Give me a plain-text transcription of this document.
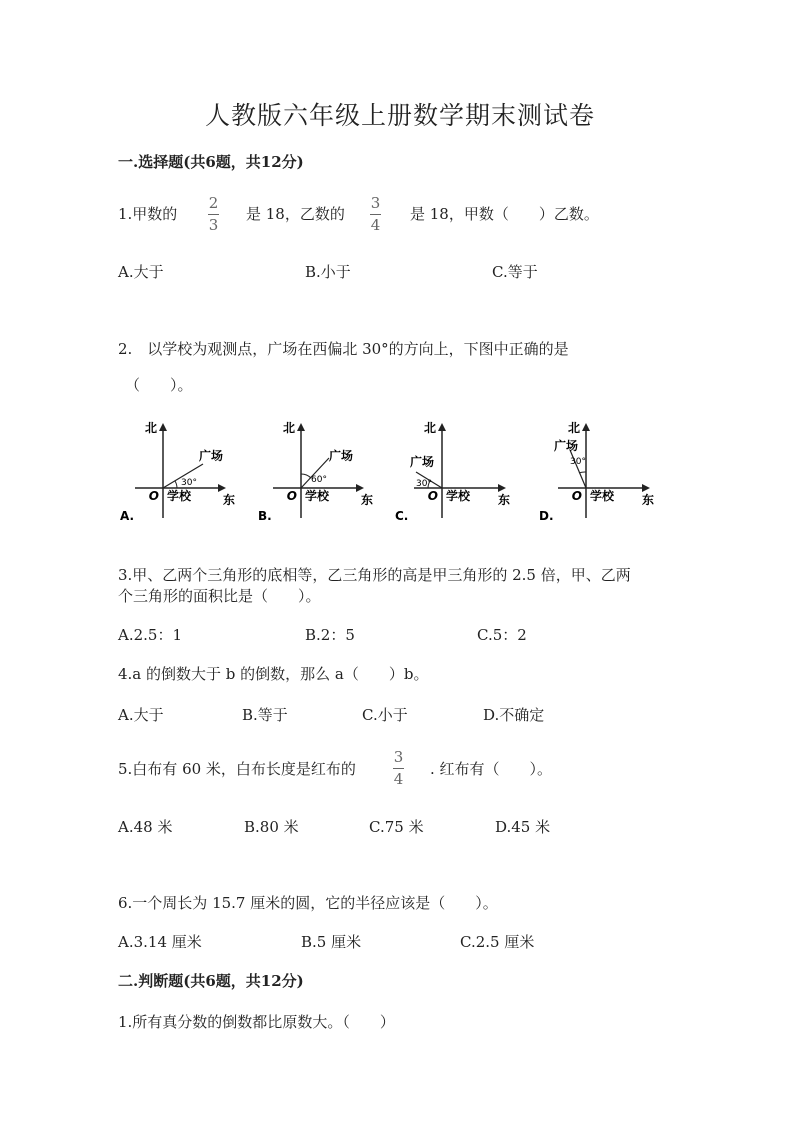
人教版六年级上册数学期末测试卷
一.选择题(共6题，共12分)
1.甲数的
2
3
是 18，乙数的
3
4
是 18，甲数（　　）乙数。
A.大于	B.小于	C.等于
2.　以学校为观测点，广场在西偏北 30°的方向上，下图中正确的是
（　　）。
北
东
O 学校
广场
30°
A.
北
东
O 学校
广场
60°
B.
北
东
O 学校
广场
30°
C.
北
东
O 学校
广场
30°
D.
3.甲、乙两个三角形的底相等，乙三角形的高是甲三角形的 2.5 倍，甲、乙两
个三角形的面积比是（　　）。
A.2.5：1	B.2：5	C.5：2
4.a 的倒数大于 b 的倒数，那么 a（　　）b。
A.大于	B.等于	C.小于	D.不确定
5.白布有 60 米，白布长度是红布的
3
4
. 红布有（　　）。
A.48 米	B.80 米	C.75 米	D.45 米
6.一个周长为 15.7 厘米的圆，它的半径应该是（　　）。
A.3.14 厘米	B.5 厘米	C.2.5 厘米
二.判断题(共6题，共12分)
1.所有真分数的倒数都比原数大。（　　）
